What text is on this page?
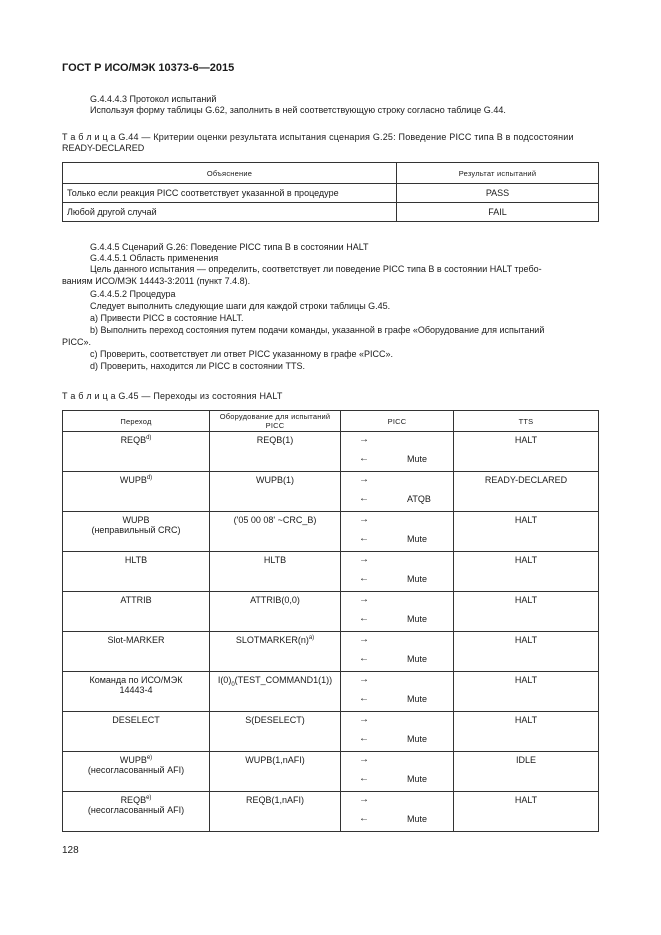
ГОСТ Р ИСО/МЭК 10373-6—2015
G.4.4.4.3 Протокол испытаний
Используя форму таблицы G.62, заполнить в ней соответствующую строку согласно таблице G.44.
Т а б л и ц а G.44 — Критерии оценки результата испытания сценария G.25: Поведение PICC типа B в подсостоянии
READY-DECLARED
Объяснение	Результат испытаний
Только если реакция PICC соответствует указанной в процедуре	PASS
Любой другой случай	FAIL
G.4.4.5 Сценарий G.26: Поведение PICC типа B в состоянии HALT
G.4.4.5.1 Область применения
Цель данного испытания — определить, соответствует ли поведение PICC типа B в состоянии HALT требо-
ваниям ИСО/МЭК 14443-3:2011 (пункт 7.4.8).
G.4.4.5.2 Процедура
Следует выполнить следующие шаги для каждой строки таблицы G.45.
a) Привести PICC в состояние HALT.
b) Выполнить переход состояния путем подачи команды, указанной в графе «Оборудование для испытаний
PICC».
c) Проверить, соответствует ли ответ PICC указанному в графе «PICC».
d) Проверить, находится ли PICC в состоянии TTS.
Т а б л и ц а G.45 — Переходы из состояния HALT
Переход	Оборудование для испытаний PICC	PICC	TTS

REQB$^{d)}$	REQB(1)	→
← Mute	HALT

WUPB$^{d)}$	WUPB(1)	→
← ATQB	READY-DECLARED

WUPB
(неправильный CRC)	('05 00 08' ~CRC_B)	→
← Mute	HALT

HLTB	HLTB	→
← Mute	HALT

ATTRIB	ATTRIB(0,0)	→
← Mute	HALT

Slot-MARKER	$SLOTMARKER(n)^{a)}$	→
← Mute	HALT

Команда по ИСО/МЭК
14443-4	$I(0)_0(TEST\_COMMAND1(1))$	→
← Mute	HALT

DESELECT	S(DESELECT)	→
← Mute	HALT

WUPB$^{e)}$
(несогласованный AFI)	WUPB(1,nAFI)	→
← Mute	IDLE

REQB$^{e)}$
(несогласованный AFI)	REQB(1,nAFI)	→
← Mute	HALT
128
